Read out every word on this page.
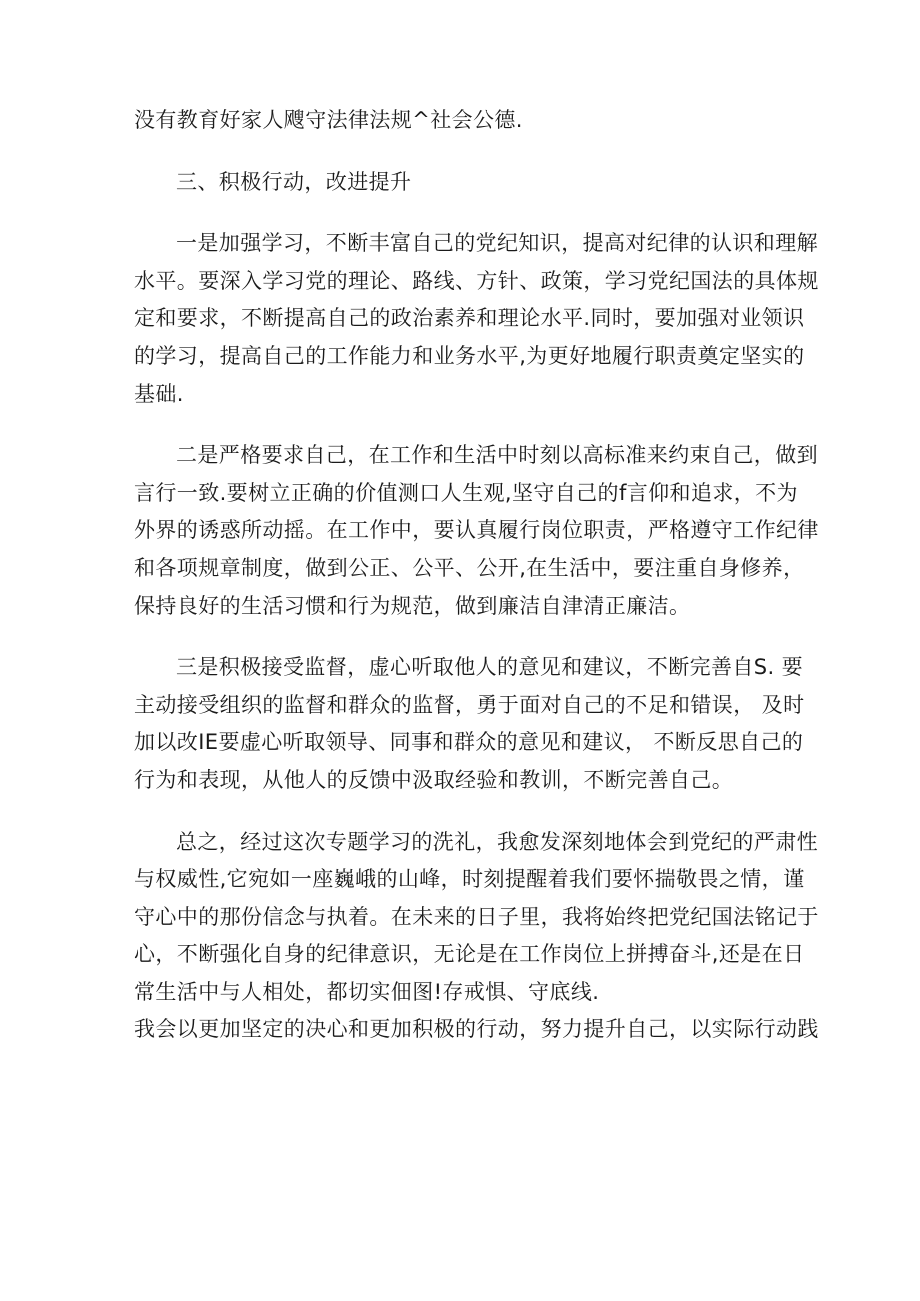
没有教育好家人飕守法律法规^社会公德.
三、积极行动，改进提升
一是加强学习，不断丰富自己的党纪知识，提高对纪律的认识和理解
水平。要深入学习党的理论、路线、方针、政策，学习党纪国法的具体规
定和要求，不断提高自己的政治素养和理论水平.同时，要加强对业领识
的学习，提高自己的工作能力和业务水平,为更好地履行职责奠定坚实的
基础.
二是严格要求自己，在工作和生活中时刻以高标准来约束自己，做到
言行一致.要树立正确的价值测口人生观,坚守自己的f言仰和追求，不为
外界的诱惑所动摇。在工作中，要认真履行岗位职责，严格遵守工作纪律
和各项规章制度，做到公正、公平、公开,在生活中，要注重自身修养，
保持良好的生活习惯和行为规范，做到廉洁自津清正廉洁。
三是积极接受监督，虚心听取他人的意见和建议，不断完善自S. 要
主动接受组织的监督和群众的监督，勇于面对自己的不足和错误， 及时
加以改IE要虚心听取领导、同事和群众的意见和建议， 不断反思自己的
行为和表现，从他人的反馈中汲取经验和教训，不断完善自己。
总之，经过这次专题学习的洗礼，我愈发深刻地体会到党纪的严肃性
与权威性,它宛如一座巍峨的山峰，时刻提醒着我们要怀揣敬畏之情，谨
守心中的那份信念与执着。在未来的日子里，我将始终把党纪国法铭记于
心，不断强化自身的纪律意识，无论是在工作岗位上拼搏奋斗,还是在日
常生活中与人相处，都切实佃图!存戒惧、守底线.
我会以更加坚定的决心和更加积极的行动，努力提升自己，以实际行动践
